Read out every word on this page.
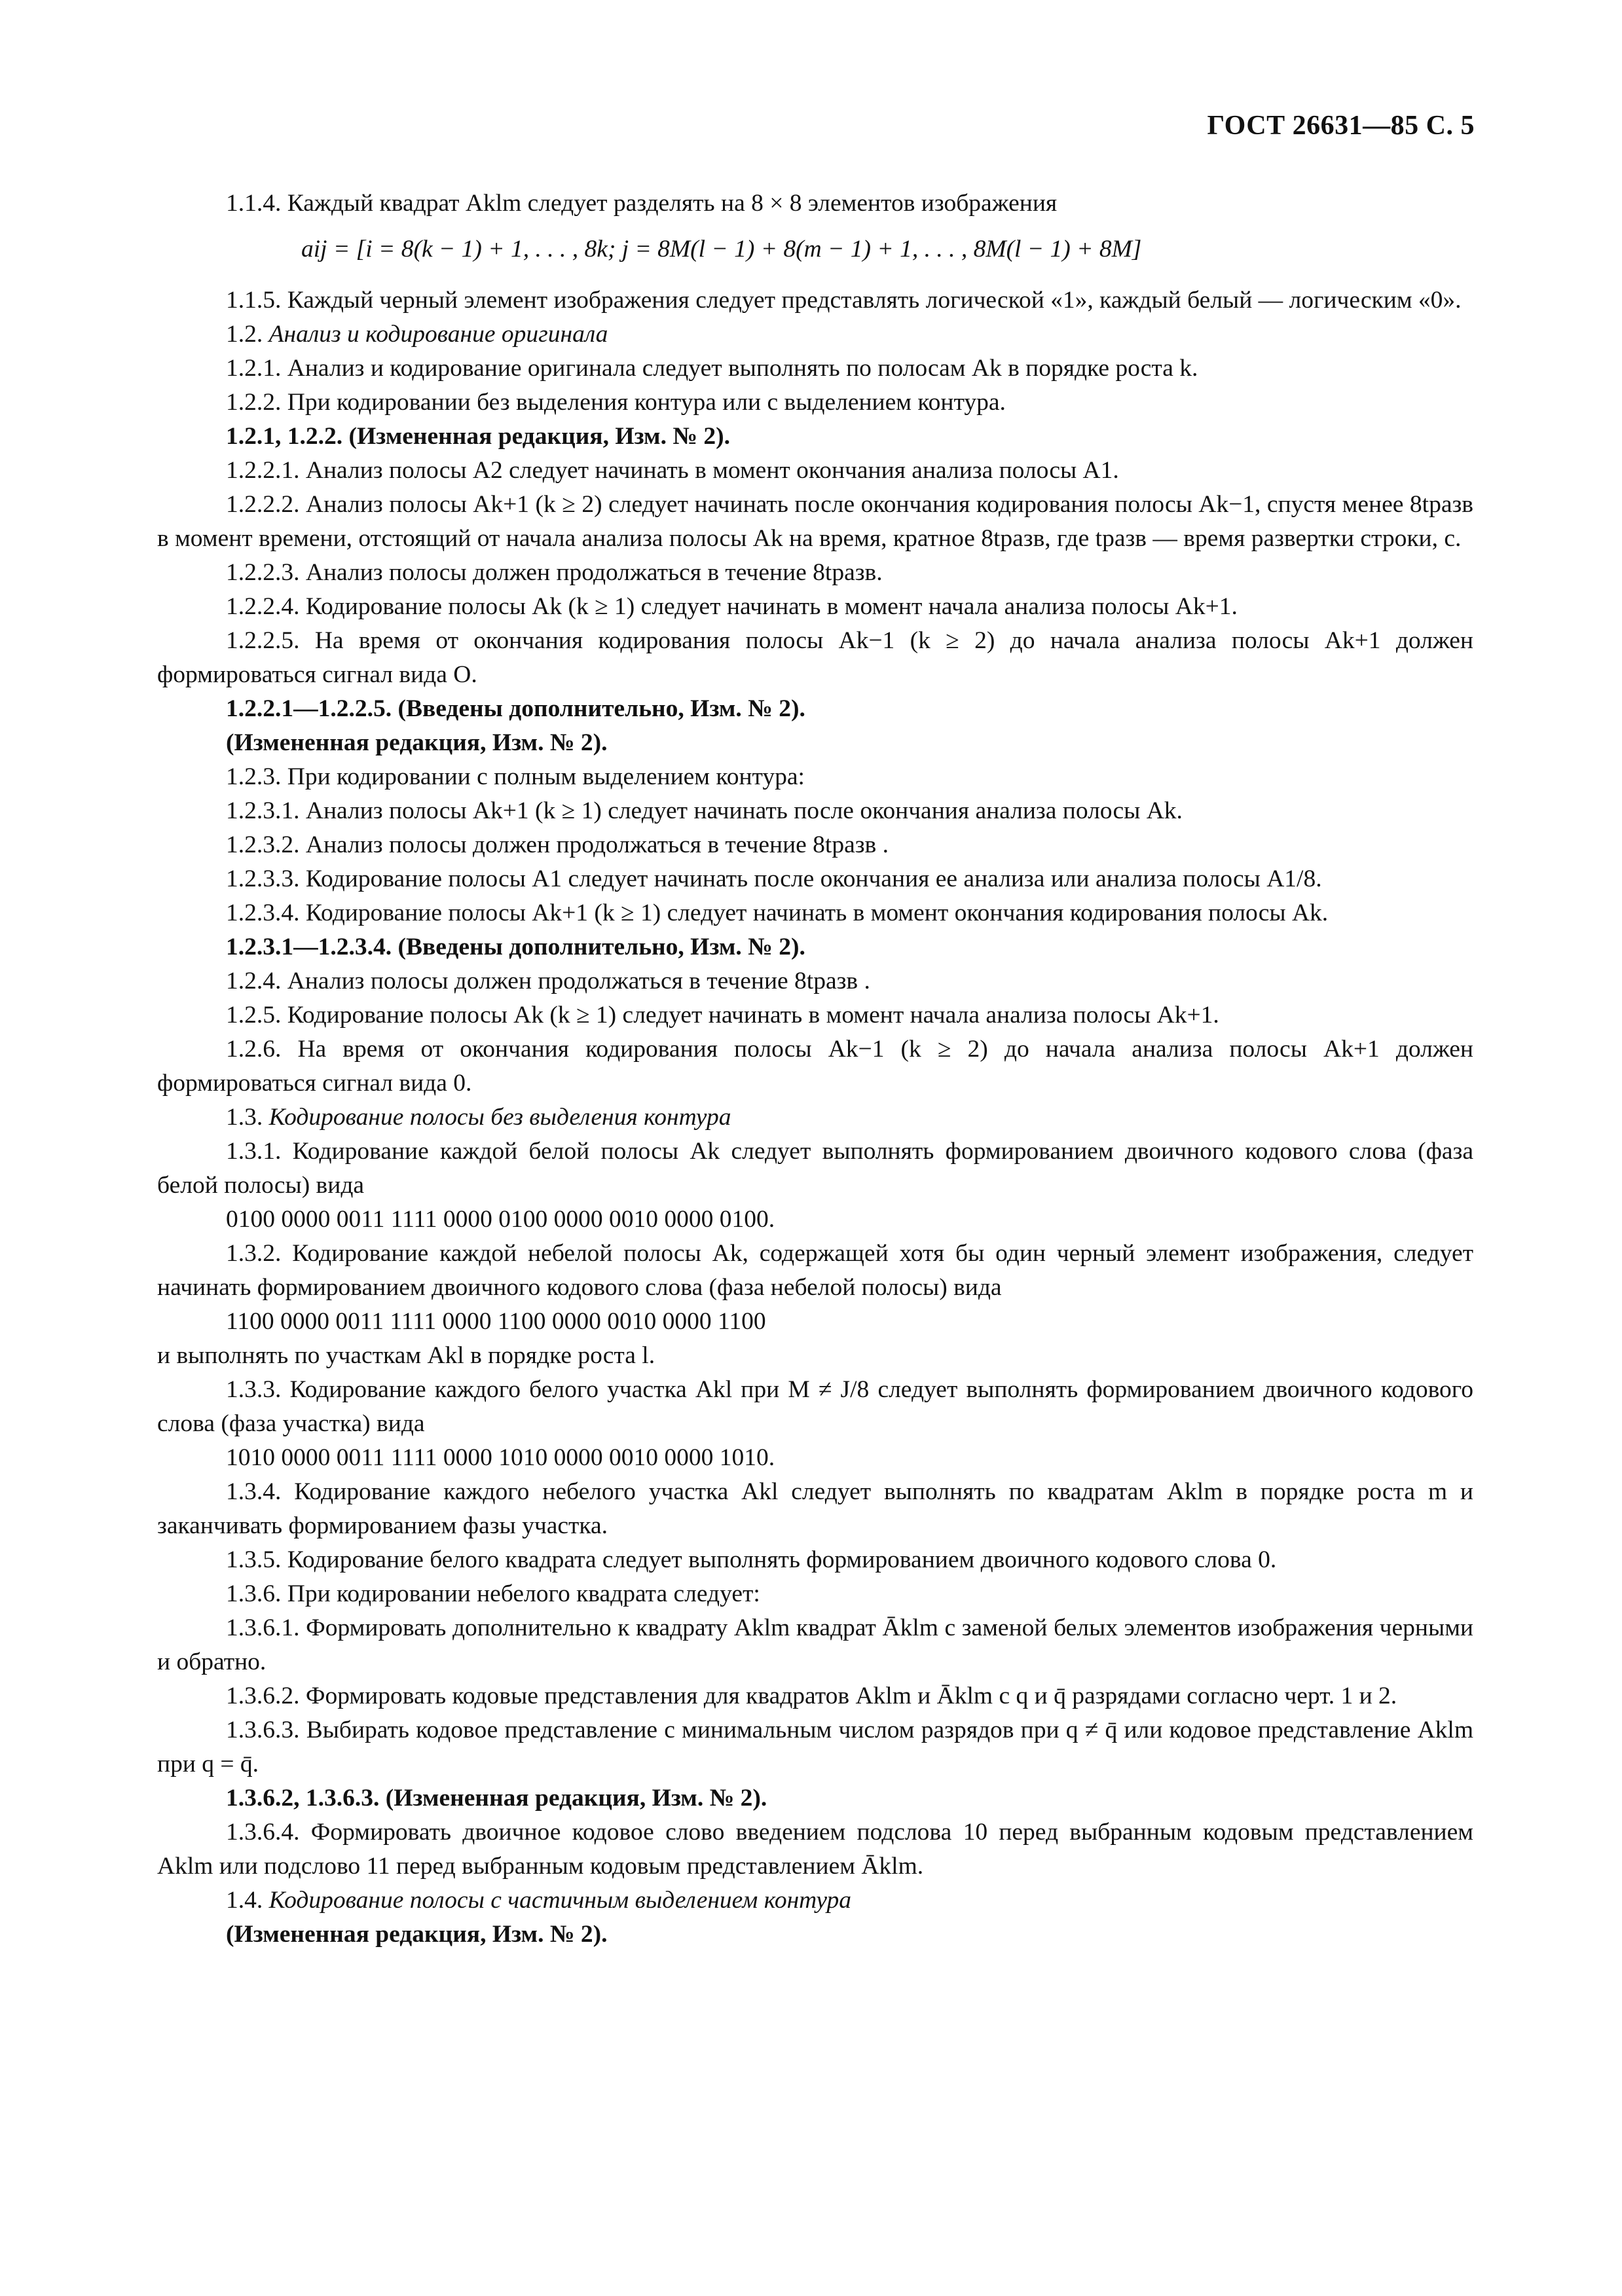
ГОСТ 26631—85 С. 5

1.1.4. Каждый квадрат Aklm следует разделять на 8 × 8 элементов изображения

aij = [i = 8(k − 1) + 1, . . . , 8k; j = 8M(l − 1) + 8(m − 1) + 1, . . . , 8M(l − 1) + 8M]

1.1.5. Каждый черный элемент изображения следует представлять логической «1», каждый белый — логическим «0».

1.2. Анализ и кодирование оригинала

1.2.1. Анализ и кодирование оригинала следует выполнять по полосам Ak в порядке роста k.

1.2.2. При кодировании без выделения контура или с выделением контура.

1.2.1, 1.2.2. (Измененная редакция, Изм. № 2).

1.2.2.1. Анализ полосы A2 следует начинать в момент окончания анализа полосы A1.

1.2.2.2. Анализ полосы Ak+1 (k ≥ 2) следует начинать после окончания кодирования полосы Ak−1, спустя менее 8tразв в момент времени, отстоящий от начала анализа полосы Ak на время, кратное 8tразв, где tразв — время развертки строки, с.

1.2.2.3. Анализ полосы должен продолжаться в течение 8tразв.

1.2.2.4. Кодирование полосы Ak (k ≥ 1) следует начинать в момент начала анализа полосы Ak+1.

1.2.2.5. На время от окончания кодирования полосы Ak−1 (k ≥ 2) до начала анализа полосы Ak+1 должен формироваться сигнал вида О.

1.2.2.1—1.2.2.5. (Введены дополнительно, Изм. № 2).

(Измененная редакция, Изм. № 2).

1.2.3. При кодировании с полным выделением контура:

1.2.3.1. Анализ полосы Ak+1 (k ≥ 1) следует начинать после окончания анализа полосы Ak.

1.2.3.2. Анализ полосы должен продолжаться в течение 8tразв .

1.2.3.3. Кодирование полосы A1 следует начинать после окончания ее анализа или анализа полосы A1/8.

1.2.3.4. Кодирование полосы Ak+1 (k ≥ 1) следует начинать в момент окончания кодирования полосы Ak.

1.2.3.1—1.2.3.4. (Введены дополнительно, Изм. № 2).

1.2.4. Анализ полосы должен продолжаться в течение 8tразв .

1.2.5. Кодирование полосы Ak (k ≥ 1) следует начинать в момент начала анализа полосы Ak+1.

1.2.6. На время от окончания кодирования полосы Ak−1 (k ≥ 2) до начала анализа полосы Ak+1 должен формироваться сигнал вида 0.

1.3. Кодирование полосы без выделения контура

1.3.1. Кодирование каждой белой полосы Ak следует выполнять формированием двоичного кодового слова (фаза белой полосы) вида

0100 0000 0011 1111 0000 0100 0000 0010 0000 0100.

1.3.2. Кодирование каждой небелой полосы Ak, содержащей хотя бы один черный элемент изображения, следует начинать формированием двоичного кодового слова (фаза небелой полосы) вида

1100 0000 0011 1111 0000 1100 0000 0010 0000 1100

и выполнять по участкам Akl в порядке роста l.

1.3.3. Кодирование каждого белого участка Akl при M ≠ J/8 следует выполнять формированием двоичного кодового слова (фаза участка) вида

1010 0000 0011 1111 0000 1010 0000 0010 0000 1010.

1.3.4. Кодирование каждого небелого участка Akl следует выполнять по квадратам Aklm в порядке роста m и заканчивать формированием фазы участка.

1.3.5. Кодирование белого квадрата следует выполнять формированием двоичного кодового слова 0.

1.3.6. При кодировании небелого квадрата следует:

1.3.6.1. Формировать дополнительно к квадрату Aklm квадрат Āklm с заменой белых элементов изображения черными и обратно.

1.3.6.2. Формировать кодовые представления для квадратов Aklm и Āklm с q и q̄ разрядами согласно черт. 1 и 2.

1.3.6.3. Выбирать кодовое представление с минимальным числом разрядов при q ≠ q̄ или кодовое представление Aklm при q = q̄.

1.3.6.2, 1.3.6.3. (Измененная редакция, Изм. № 2).

1.3.6.4. Формировать двоичное кодовое слово введением подслова 10 перед выбранным кодовым представлением Aklm или подслово 11 перед выбранным кодовым представлением Āklm.

1.4. Кодирование полосы с частичным выделением контура

(Измененная редакция, Изм. № 2).
